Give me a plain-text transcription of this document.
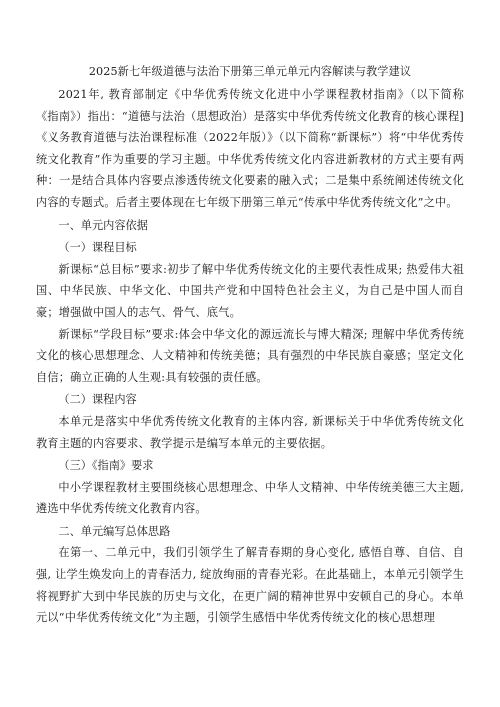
2025新七年级道德与法治下册第三单元单元内容解读与教学建议

2021年, 教育部制定《中华优秀传统文化进中小学课程教材指南》（以下简称《指南》）指出：“道德与法治（思想政治）是落实中华优秀传统文化教育的核心课程]《义务教育道德与法治课程标准（2022年版）》（以下简称“新课标”）将“中华优秀传统文化教育”作为重要的学习主题。中华优秀传统文化内容进新教材的方式主要有两种：一是结合具体内容要点渗透传统文化要素的融入式；二是集中系统阐述传统文化内容的专题式。后者主要体现在七年级下册第三单元“传承中华优秀传统文化”之中。

一、单元内容依据

（一）课程目标

新课标“总目标”要求:初步了解中华优秀传统文化的主要代表性成果; 热爱伟大祖国、中华民族、中华文化、中国共产党和中国特色社会主义，为自己是中国人而自豪；增强做中国人的志气、骨气、底气。

新课标“学段目标”要求:体会中华文化的源远流长与博大精深; 理解中华优秀传统文化的核心思想理念、人文精神和传统美德；具有强烈的中华民族自豪感；坚定文化自信；确立正确的人生观:具有较强的责任感。

（二）课程内容

本单元是落实中华优秀传统文化教育的主体内容, 新课标关于中华优秀传统文化教育主题的内容要求、教学提示是编写本单元的主要依据。

（三）《指南》要求

中小学课程教材主要围绕核心思想理念、中华人文精神、中华传统美德三大主题, 遴选中华优秀传统文化教育内容。

二、单元编写总体思路

在第一、二单元中，我们引领学生了解青春期的身心变化, 感悟自尊、自信、自强, 让学生焕发向上的青春活力, 绽放绚丽的青春光彩。在此基础上，本单元引领学生将视野扩大到中华民族的历史与文化，在更广阔的精神世界中安顿自己的身心。本单元以“中华优秀传统文化”为主题，引领学生感悟中华优秀传统文化的核心思想理
